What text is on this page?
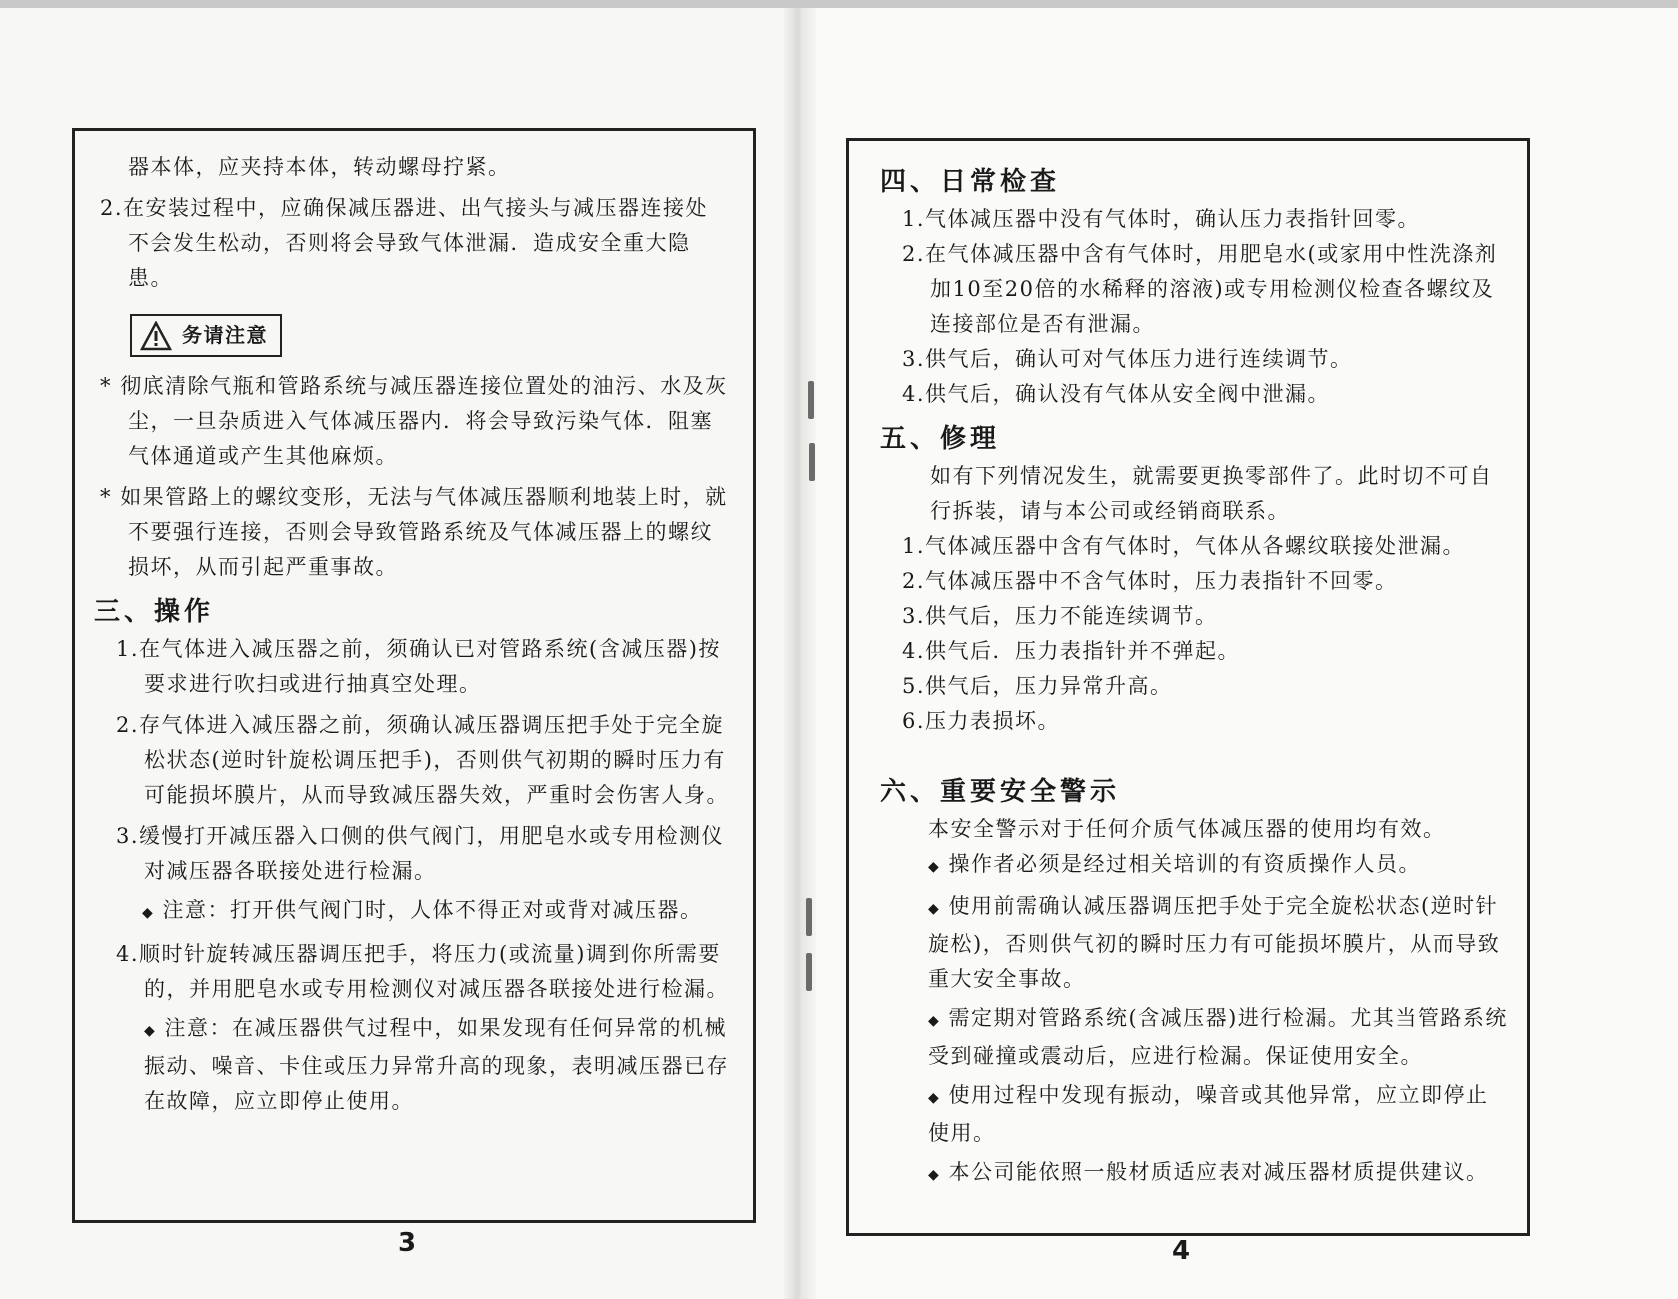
器本体，应夹持本体，转动螺母拧紧。

2.在安装过程中，应确保减压器进、出气接头与减压器连接处不会发生松动，否则将会导致气体泄漏．造成安全重大隐患。

务请注意

* 彻底清除气瓶和管路系统与减压器连接位置处的油污、水及灰尘，一旦杂质进入气体减压器内．将会导致污染气体．阻塞气体通道或产生其他麻烦。

* 如果管路上的螺纹变形，无法与气体减压器顺利地装上时，就不要强行连接，否则会导致管路系统及气体减压器上的螺纹损坏，从而引起严重事故。

三、操作

1.在气体进入减压器之前，须确认已对管路系统(含减压器)按要求进行吹扫或进行抽真空处理。

2.存气体进入减压器之前，须确认减压器调压把手处于完全旋松状态(逆时针旋松调压把手)，否则供气初期的瞬时压力有可能损坏膜片，从而导致减压器失效，严重时会伤害人身。

3.缓慢打开减压器入口侧的供气阀门，用肥皂水或专用检测仪对减压器各联接处进行检漏。

◆ 注意：打开供气阀门时，人体不得正对或背对减压器。

4.顺时针旋转减压器调压把手，将压力(或流量)调到你所需要的，并用肥皂水或专用检测仪对减压器各联接处进行检漏。

◆ 注意：在减压器供气过程中，如果发现有任何异常的机械振动、噪音、卡住或压力异常升高的现象，表明减压器已存在故障，应立即停止使用。

3
四、日常检查

1.气体减压器中没有气体时，确认压力表指针回零。

2.在气体减压器中含有气体时，用肥皂水(或家用中性洗涤剂加10至20倍的水稀释的溶液)或专用检测仪检查各螺纹及连接部位是否有泄漏。

3.供气后，确认可对气体压力进行连续调节。

4.供气后，确认没有气体从安全阀中泄漏。

五、修理

如有下列情况发生，就需要更换零部件了。此时切不可自行拆装，请与本公司或经销商联系。

1.气体减压器中含有气体时，气体从各螺纹联接处泄漏。

2.气体减压器中不含气体时，压力表指针不回零。

3.供气后，压力不能连续调节。

4.供气后．压力表指针并不弹起。

5.供气后，压力异常升高。

6.压力表损坏。

六、重要安全警示

本安全警示对于任何介质气体减压器的使用均有效。

◆ 操作者必须是经过相关培训的有资质操作人员。

◆ 使用前需确认减压器调压把手处于完全旋松状态(逆时针旋松)，否则供气初的瞬时压力有可能损坏膜片，从而导致重大安全事故。

◆ 需定期对管路系统(含减压器)进行检漏。尤其当管路系统受到碰撞或震动后，应进行检漏。保证使用安全。

◆ 使用过程中发现有振动，噪音或其他异常，应立即停止使用。

◆ 本公司能依照一般材质适应表对减压器材质提供建议。

4
